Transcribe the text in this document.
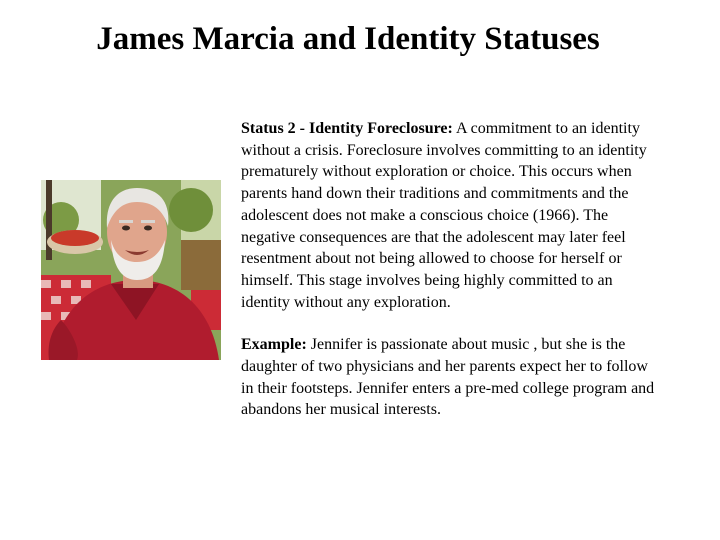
James Marcia and Identity Statuses

Status 2 - Identity Foreclosure: A commitment to an identity without a crisis. Foreclosure involves committing to an identity prematurely without exploration or choice. This occurs when parents hand down their traditions and commitments and the adolescent does not make a conscious choice (1966). The negative consequences are that the adolescent may later feel resentment about not being allowed to choose for herself or himself. This stage involves being highly committed to an identity without any exploration.

Example: Jennifer is passionate about music , but she is the daughter of two physicians and her parents expect her to follow in their footsteps. Jennifer enters a pre-med college program and abandons her musical interests.
